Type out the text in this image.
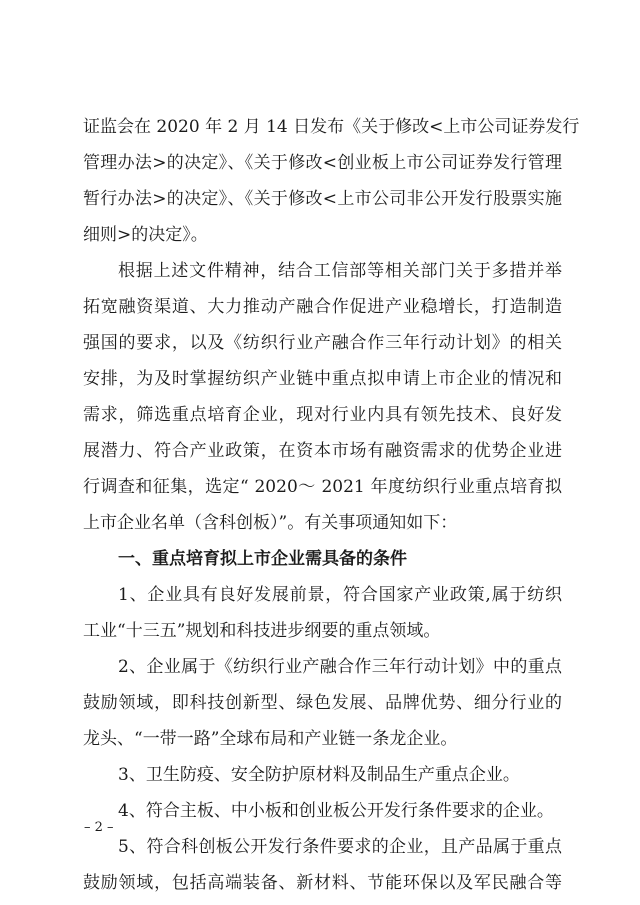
证监会在 2020 年 2 月 14 日发布《关于修改<上市公司证券发行
管理办法>的决定》、《关于修改<创业板上市公司证券发行管理
暂行办法>的决定》、《关于修改<上市公司非公开发行股票实施
细则>的决定》。
根据上述文件精神，结合工信部等相关部门关于多措并举
拓宽融资渠道、大力推动产融合作促进产业稳增长，打造制造
强国的要求，以及《纺织行业产融合作三年行动计划》的相关
安排，为及时掌握纺织产业链中重点拟申请上市企业的情况和
需求，筛选重点培育企业，现对行业内具有领先技术、良好发
展潜力、符合产业政策，在资本市场有融资需求的优势企业进
行调查和征集，选定“ 2020～ 2021 年度纺织行业重点培育拟
上市企业名单（含科创板）”。有关事项通知如下：
一、重点培育拟上市企业需具备的条件
1、企业具有良好发展前景，符合国家产业政策,属于纺织
工业“十三五”规划和科技进步纲要的重点领域。
2、企业属于《纺织行业产融合作三年行动计划》中的重点
鼓励领域，即科技创新型、绿色发展、品牌优势、细分行业的
龙头、“一带一路”全球布局和产业链一条龙企业。
3、卫生防疫、安全防护原材料及制品生产重点企业。
4、符合主板、中小板和创业板公开发行条件要求的企业。
5、符合科创板公开发行条件要求的企业，且产品属于重点
鼓励领域，包括高端装备、新材料、节能环保以及军民融合等
– 2 –
